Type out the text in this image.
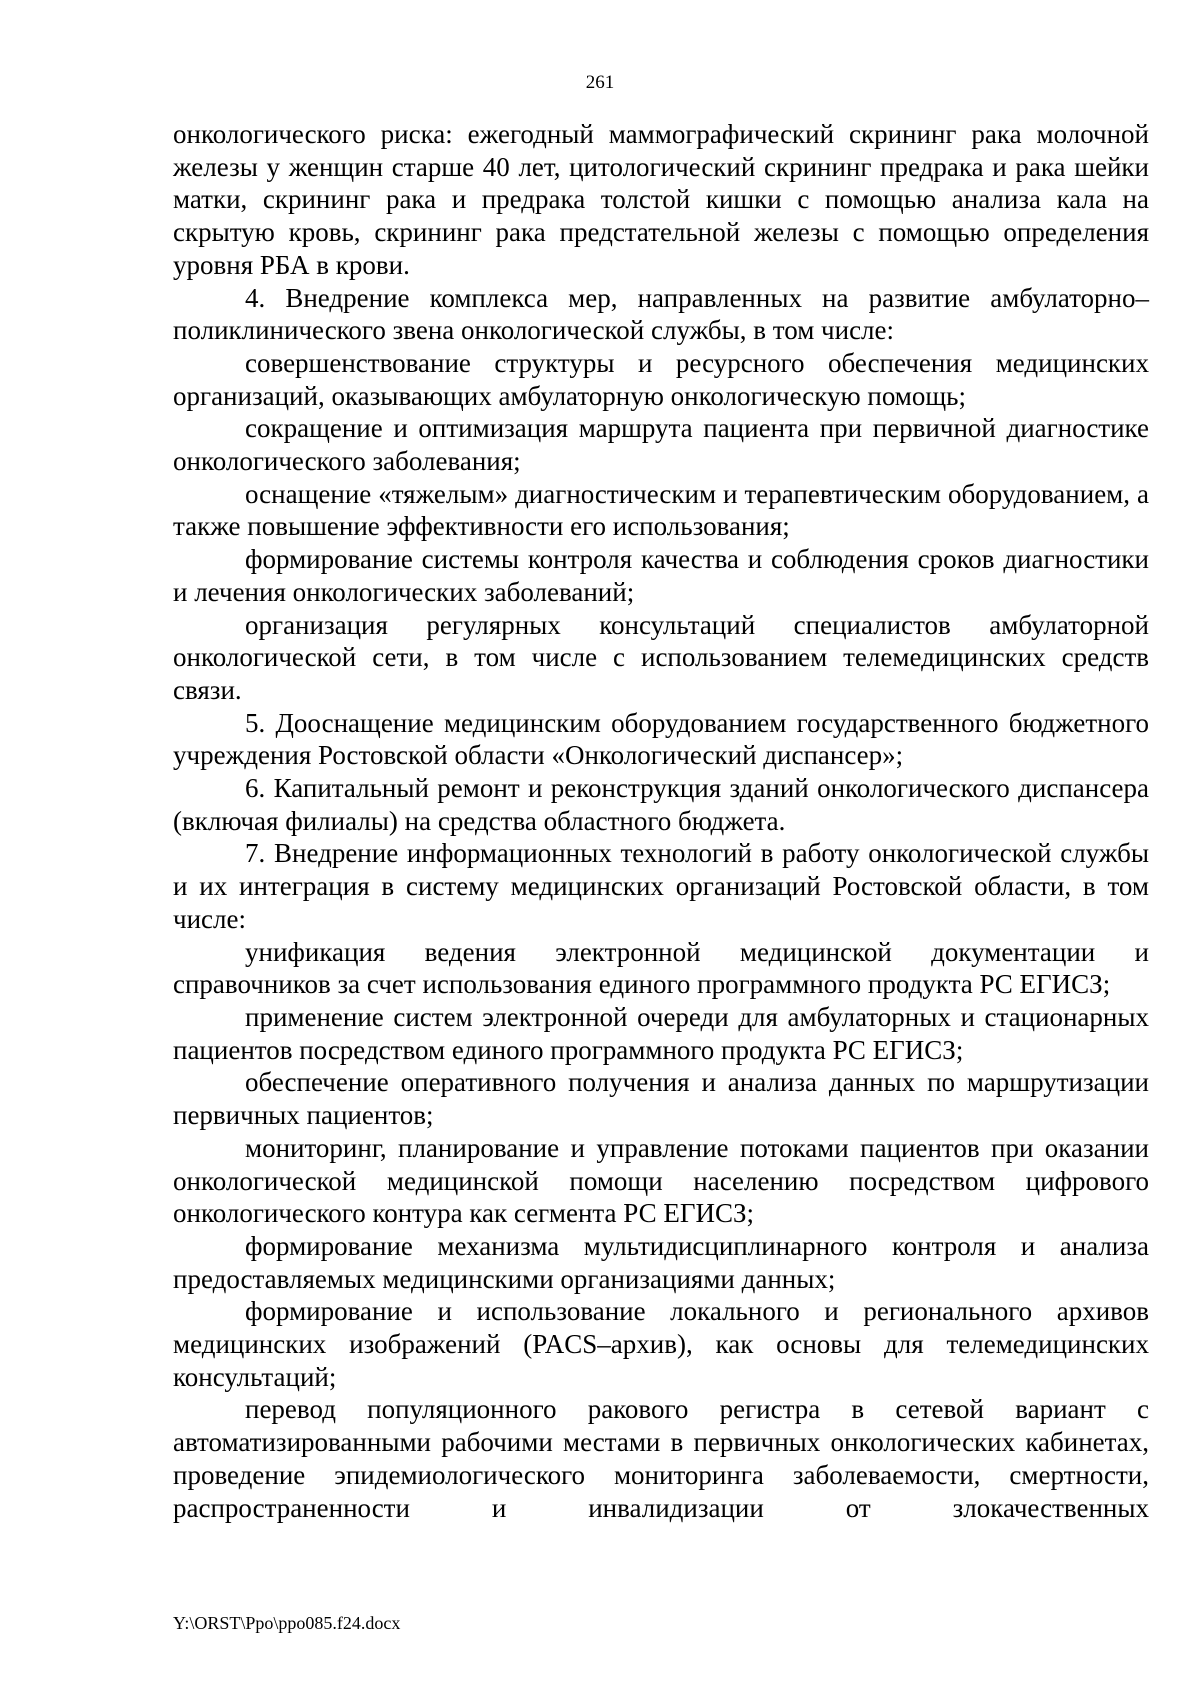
261

онкологического риска: ежегодный маммографический скрининг рака молочной железы у женщин старше 40 лет, цитологический скрининг предрака и рака шейки матки, скрининг рака и предрака толстой кишки с помощью анализа кала на скрытую кровь, скрининг рака предстательной железы с помощью определения уровня РБА в крови.

4. Внедрение комплекса мер, направленных на развитие амбулаторно–поликлинического звена онкологической службы, в том числе:

совершенствование структуры и ресурсного обеспечения медицинских организаций, оказывающих амбулаторную онкологическую помощь;

сокращение и оптимизация маршрута пациента при первичной диагностике онкологического заболевания;

оснащение «тяжелым» диагностическим и терапевтическим оборудованием, а также повышение эффективности его использования;

формирование системы контроля качества и соблюдения сроков диагностики и лечения онкологических заболеваний;

организация регулярных консультаций специалистов амбулаторной онкологической сети, в том числе с использованием телемедицинских средств связи.

5. Дооснащение медицинским оборудованием государственного бюджетного учреждения Ростовской области «Онкологический диспансер»;

6. Капитальный ремонт и реконструкция зданий онкологического диспансера (включая филиалы) на средства областного бюджета.

7. Внедрение информационных технологий в работу онкологической службы и их интеграция в систему медицинских организаций Ростовской области, в том числе:

унификация ведения электронной медицинской документации и справочников за счет использования единого программного продукта РС ЕГИСЗ;

применение систем электронной очереди для амбулаторных и стационарных пациентов посредством единого программного продукта РС ЕГИСЗ;

обеспечение оперативного получения и анализа данных по маршрутизации первичных пациентов;

мониторинг, планирование и управление потоками пациентов при оказании онкологической медицинской помощи населению посредством цифрового онкологического контура как сегмента РС ЕГИСЗ;

формирование механизма мультидисциплинарного контроля и анализа предоставляемых медицинскими организациями данных;

формирование и использование локального и регионального архивов медицинских изображений (PACS–архив), как основы для телемедицинских консультаций;

перевод популяционного ракового регистра в сетевой вариант с автоматизированными рабочими местами в первичных онкологических кабинетах, проведение эпидемиологического мониторинга заболеваемости, смертности, распространенности и инвалидизации от злокачественных

Y:\ORST\Ppo\ppo085.f24.docx
